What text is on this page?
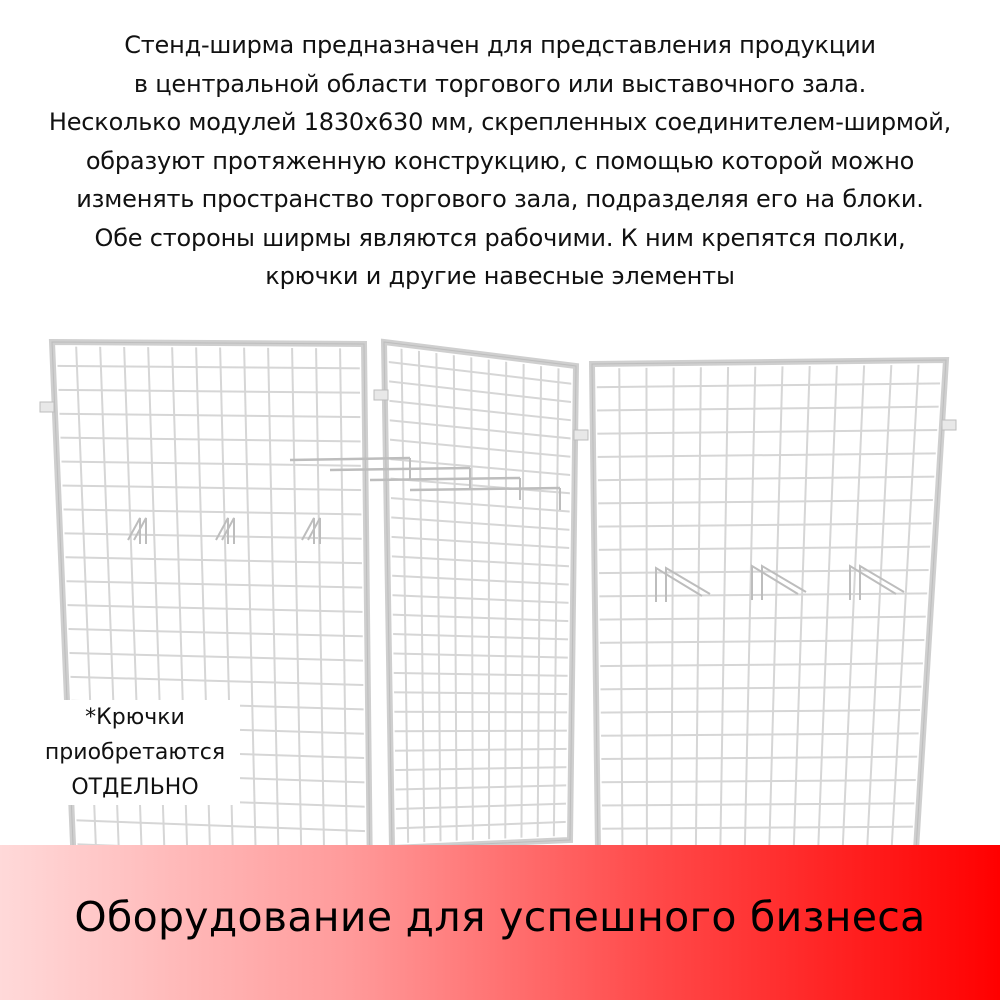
Стенд-ширма предназначен для представления продукции
в центральной области торгового или выставочного зала.
Несколько модулей 1830х630 мм, скрепленных соединителем-ширмой,
образуют протяженную конструкцию, с помощью которой можно
изменять пространство торгового зала, подразделяя его на блоки.
Обе стороны ширмы являются рабочими. К ним крепятся полки,
крючки и другие навесные элементы
*Крючки
приобретаются
ОТДЕЛЬНО
Оборудование для успешного бизнеса
